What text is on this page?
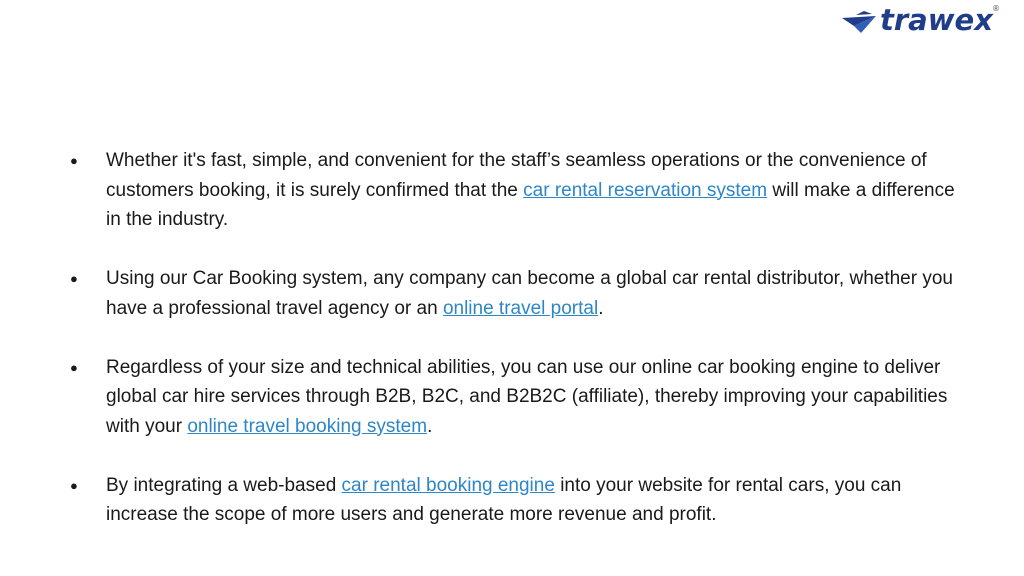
trawex ®
● Whether it's fast, simple, and convenient for the staff’s seamless operations or the convenience of customers booking, it is surely confirmed that the car rental reservation system will make a difference in the industry.
● Using our Car Booking system, any company can become a global car rental distributor, whether you have a professional travel agency or an online travel portal.
● Regardless of your size and technical abilities, you can use our online car booking engine to deliver global car hire services through B2B, B2C, and B2B2C (affiliate), thereby improving your capabilities with your online travel booking system.
● By integrating a web-based car rental booking engine into your website for rental cars, you can increase the scope of more users and generate more revenue and profit.
